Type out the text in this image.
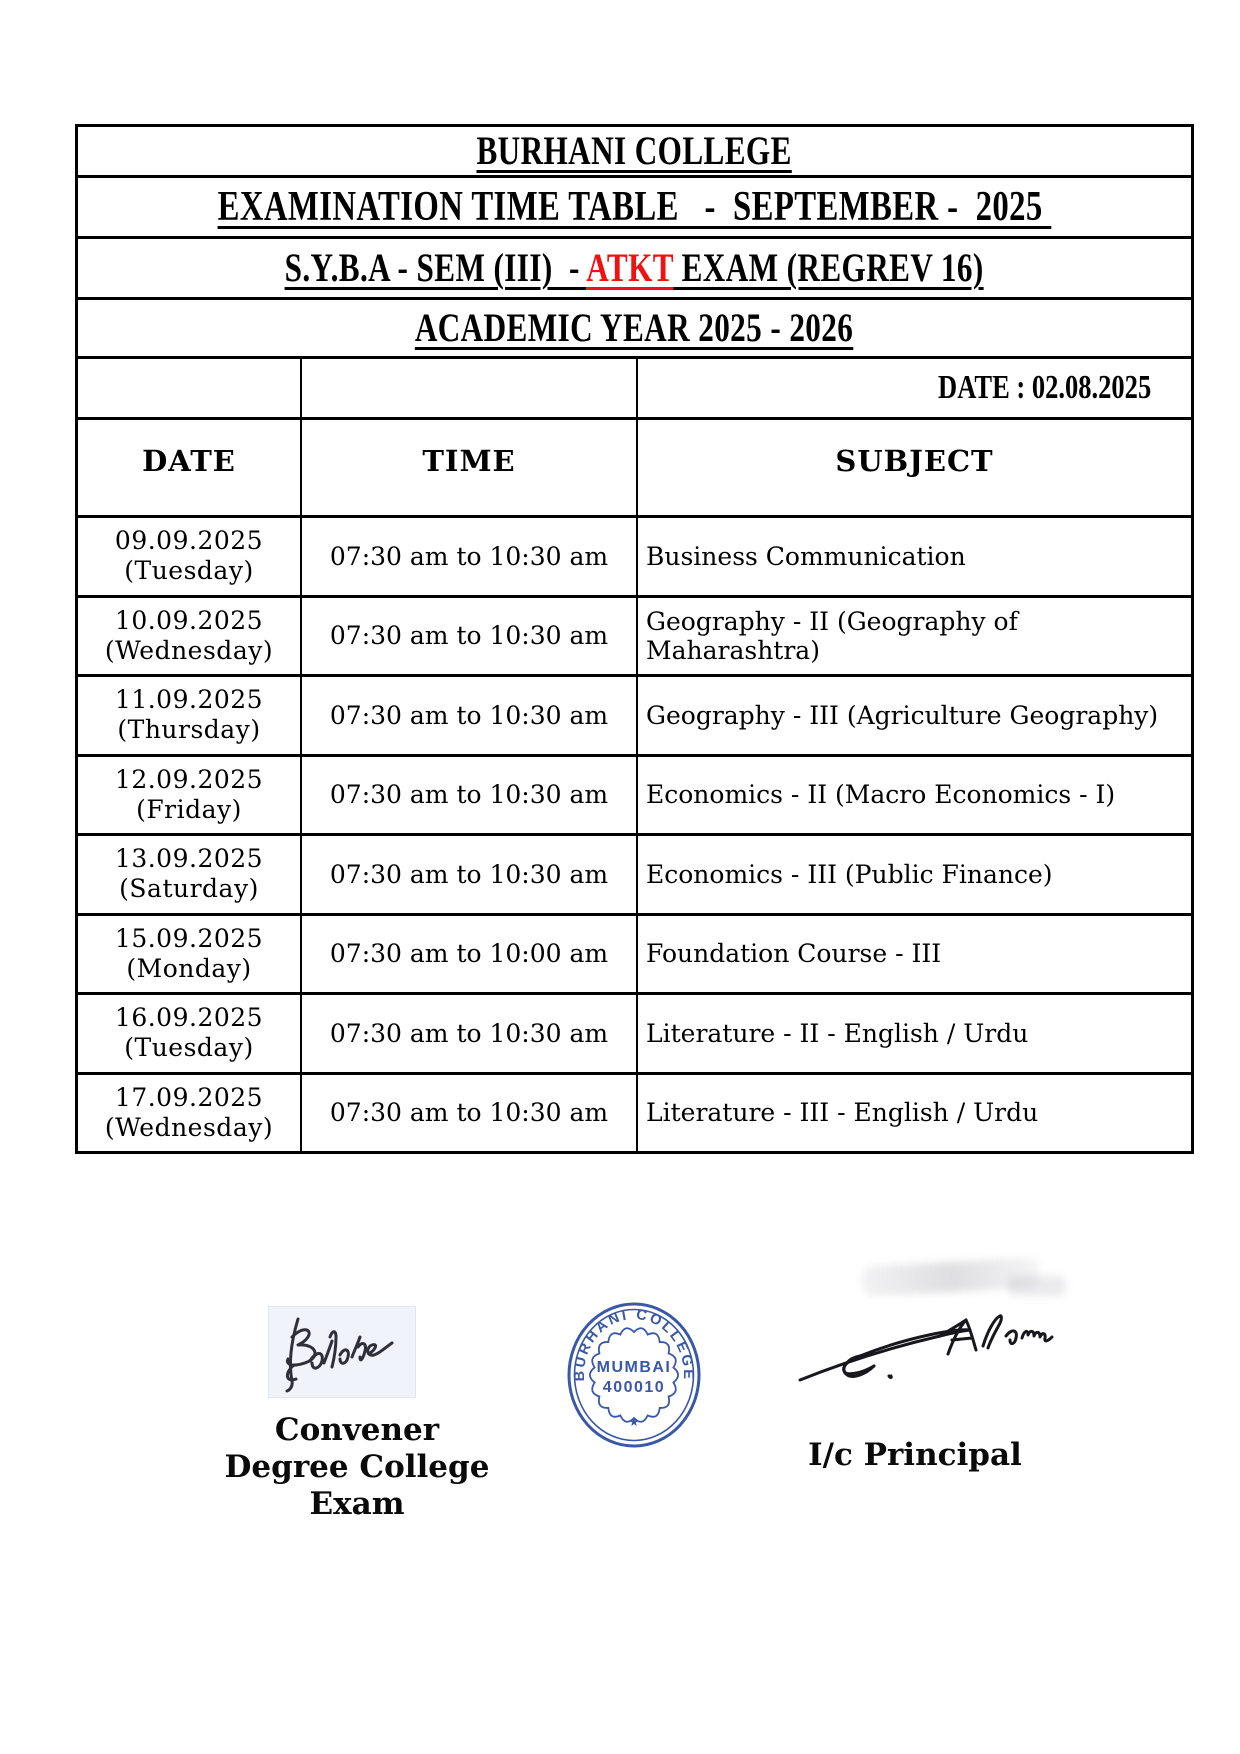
BURHANI COLLEGE
EXAMINATION TIME TABLE   -  SEPTEMBER -  2025
S.Y.B.A - SEM (III)  - ATKT EXAM (REGREV 16)
ACADEMIC YEAR 2025 - 2026
DATE : 02.08.2025
DATE	TIME	SUBJECT
09.09.2025
(Tuesday)	07:30 am to 10:30 am	Business Communication
10.09.2025
(Wednesday)	07:30 am to 10:30 am	Geography - II (Geography of Maharashtra)
11.09.2025
(Thursday)	07:30 am to 10:30 am	Geography - III (Agriculture Geography)
12.09.2025
(Friday)	07:30 am to 10:30 am	Economics - II (Macro Economics - I)
13.09.2025
(Saturday)	07:30 am to 10:30 am	Economics - III (Public Finance)
15.09.2025
(Monday)	07:30 am to 10:00 am	Foundation Course - III
16.09.2025
(Tuesday)	07:30 am to 10:30 am	Literature - II - English / Urdu
17.09.2025
(Wednesday)	07:30 am to 10:30 am	Literature - III - English / Urdu
BURHANI COLLEGE
MUMBAI
400010
★
Convener
Degree College Exam
I/c Principal
